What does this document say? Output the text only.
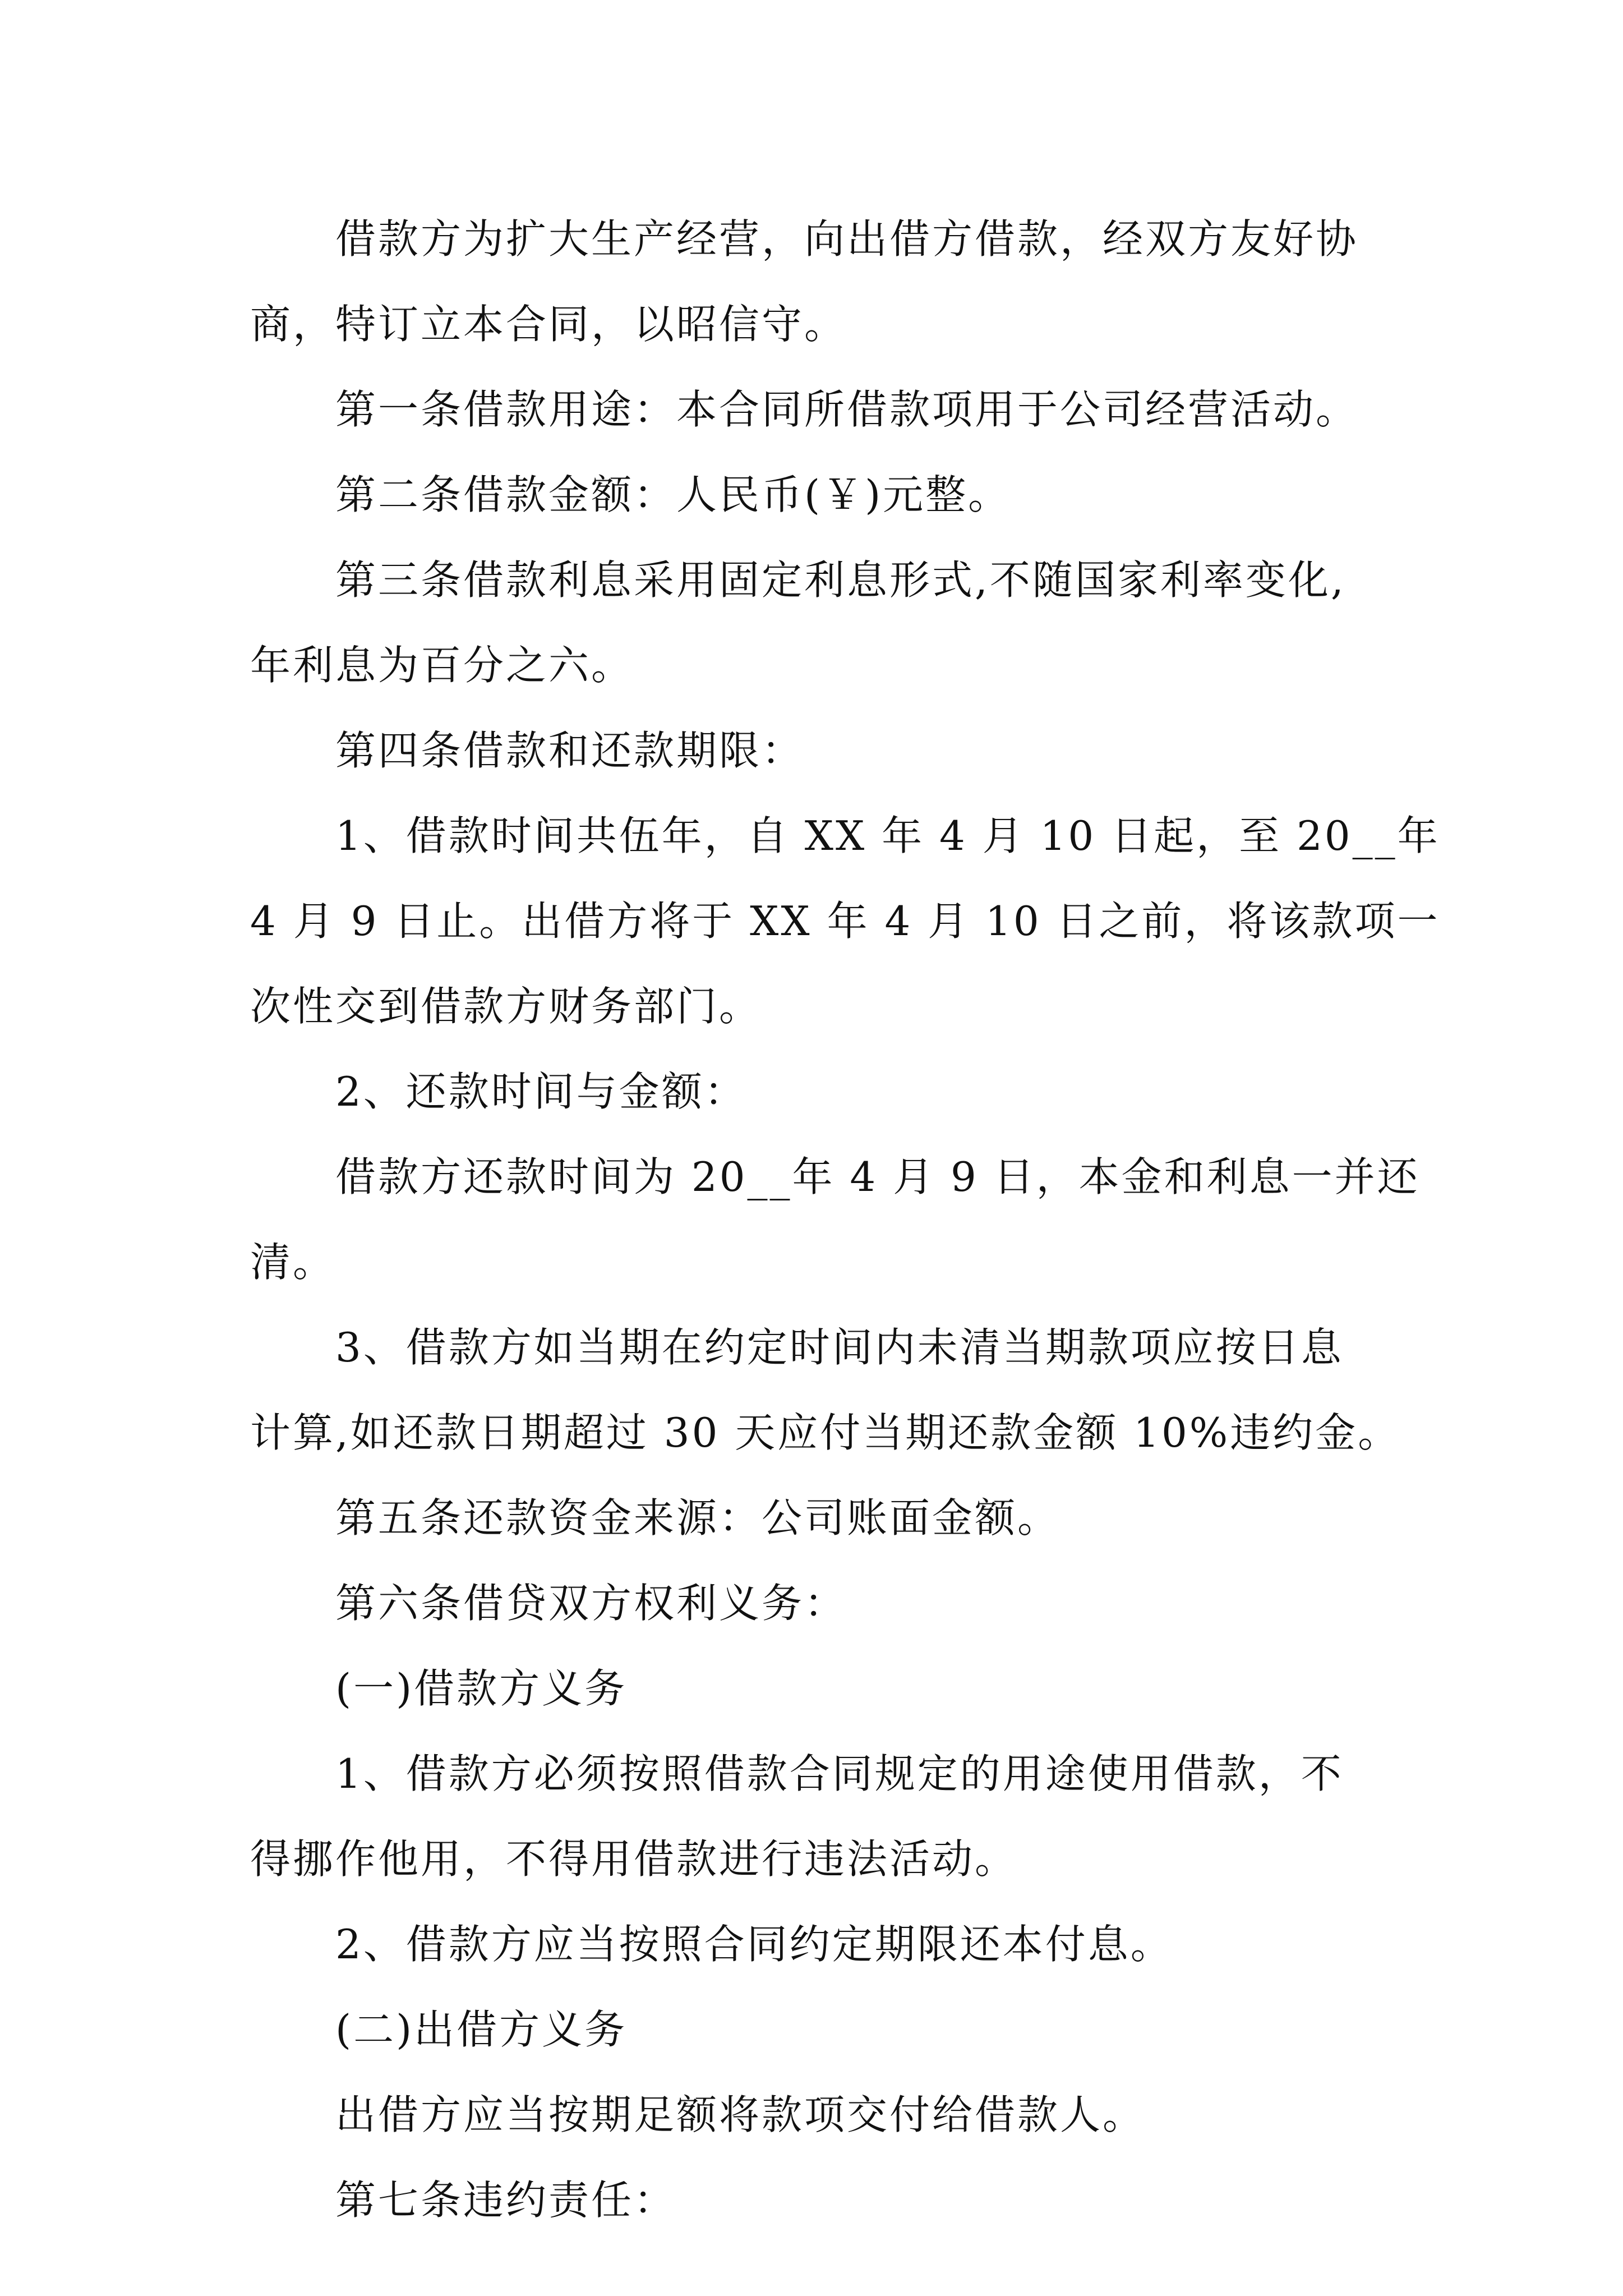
借款方为扩大生产经营，向出借方借款，经双方友好协
商，特订立本合同，以昭信守。

第一条借款用途：本合同所借款项用于公司经营活动。

第二条借款金额：人民币(￥)元整。

第三条借款利息采用固定利息形式,不随国家利率变化,
年利息为百分之六。

第四条借款和还款期限：

1、借款时间共伍年，自 XX 年 4 月 10 日起，至 20__年
4 月 9 日止。出借方将于 XX 年 4 月 10 日之前，将该款项一
次性交到借款方财务部门。

2、还款时间与金额：

借款方还款时间为 20__年 4 月 9 日，本金和利息一并还
清。

3、借款方如当期在约定时间内未清当期款项应按日息
计算,如还款日期超过 30 天应付当期还款金额 10%违约金。

第五条还款资金来源：公司账面金额。

第六条借贷双方权利义务：

(一)借款方义务

1、借款方必须按照借款合同规定的用途使用借款，不
得挪作他用，不得用借款进行违法活动。

2、借款方应当按照合同约定期限还本付息。

(二)出借方义务

出借方应当按期足额将款项交付给借款人。

第七条违约责任：
